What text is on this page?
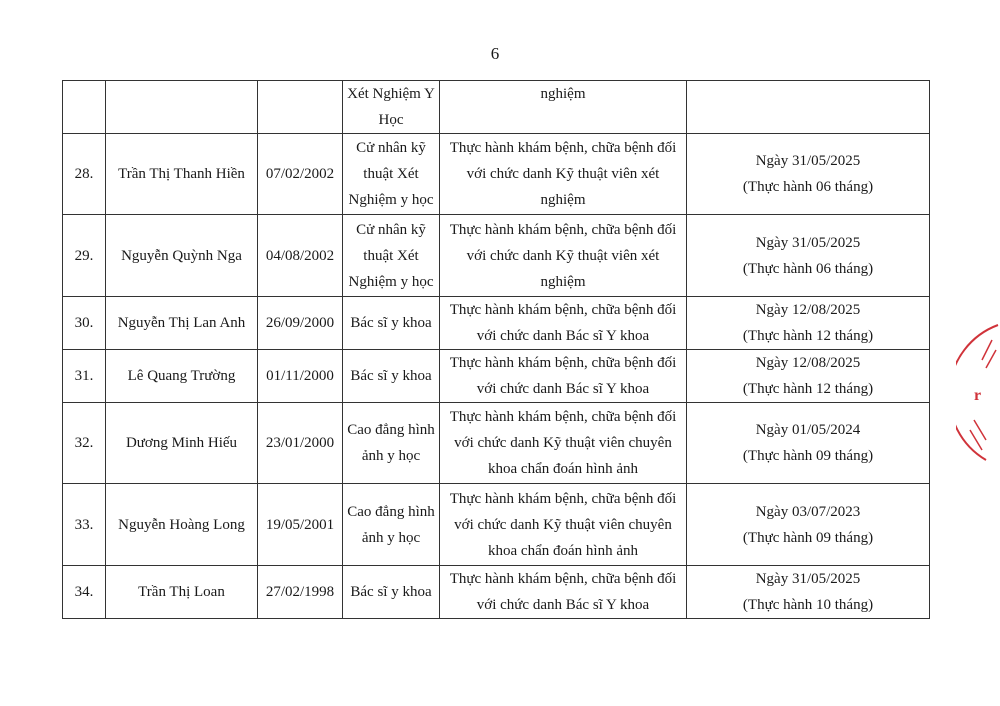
6
			Xét Nghiệm Y Học	nghiệm	

28.	Trần Thị Thanh Hiền	07/02/2002	Cử nhân kỹ thuật Xét Nghiệm y học	Thực hành khám bệnh, chữa bệnh đối với chức danh Kỹ thuật viên xét nghiệm	Ngày 31/05/2025
(Thực hành 06 tháng)

29.	Nguyễn Quỳnh Nga	04/08/2002	Cử nhân kỹ thuật Xét Nghiệm y học	Thực hành khám bệnh, chữa bệnh đối với chức danh Kỹ thuật viên xét nghiệm	Ngày 31/05/2025
(Thực hành 06 tháng)

30.	Nguyễn Thị Lan Anh	26/09/2000	Bác sĩ y khoa	Thực hành khám bệnh, chữa bệnh đối với chức danh Bác sĩ Y khoa	Ngày 12/08/2025
(Thực hành 12 tháng)

31.	Lê Quang Trường	01/11/2000	Bác sĩ y khoa	Thực hành khám bệnh, chữa bệnh đối với chức danh Bác sĩ Y khoa	Ngày 12/08/2025
(Thực hành 12 tháng)

32.	Dương Minh Hiếu	23/01/2000	Cao đẳng hình ảnh y học	Thực hành khám bệnh, chữa bệnh đối với chức danh Kỹ thuật viên chuyên khoa chẩn đoán hình ảnh	Ngày 01/05/2024
(Thực hành 09 tháng)

33.	Nguyễn Hoàng Long	19/05/2001	Cao đẳng hình ảnh y học	Thực hành khám bệnh, chữa bệnh đối với chức danh Kỹ thuật viên chuyên khoa chẩn đoán hình ảnh	Ngày 03/07/2023
(Thực hành 09 tháng)

34.	Trần Thị Loan	27/02/1998	Bác sĩ y khoa	Thực hành khám bệnh, chữa bệnh đối với chức danh Bác sĩ Y khoa	Ngày 31/05/2025
(Thực hành 10 tháng)
r
